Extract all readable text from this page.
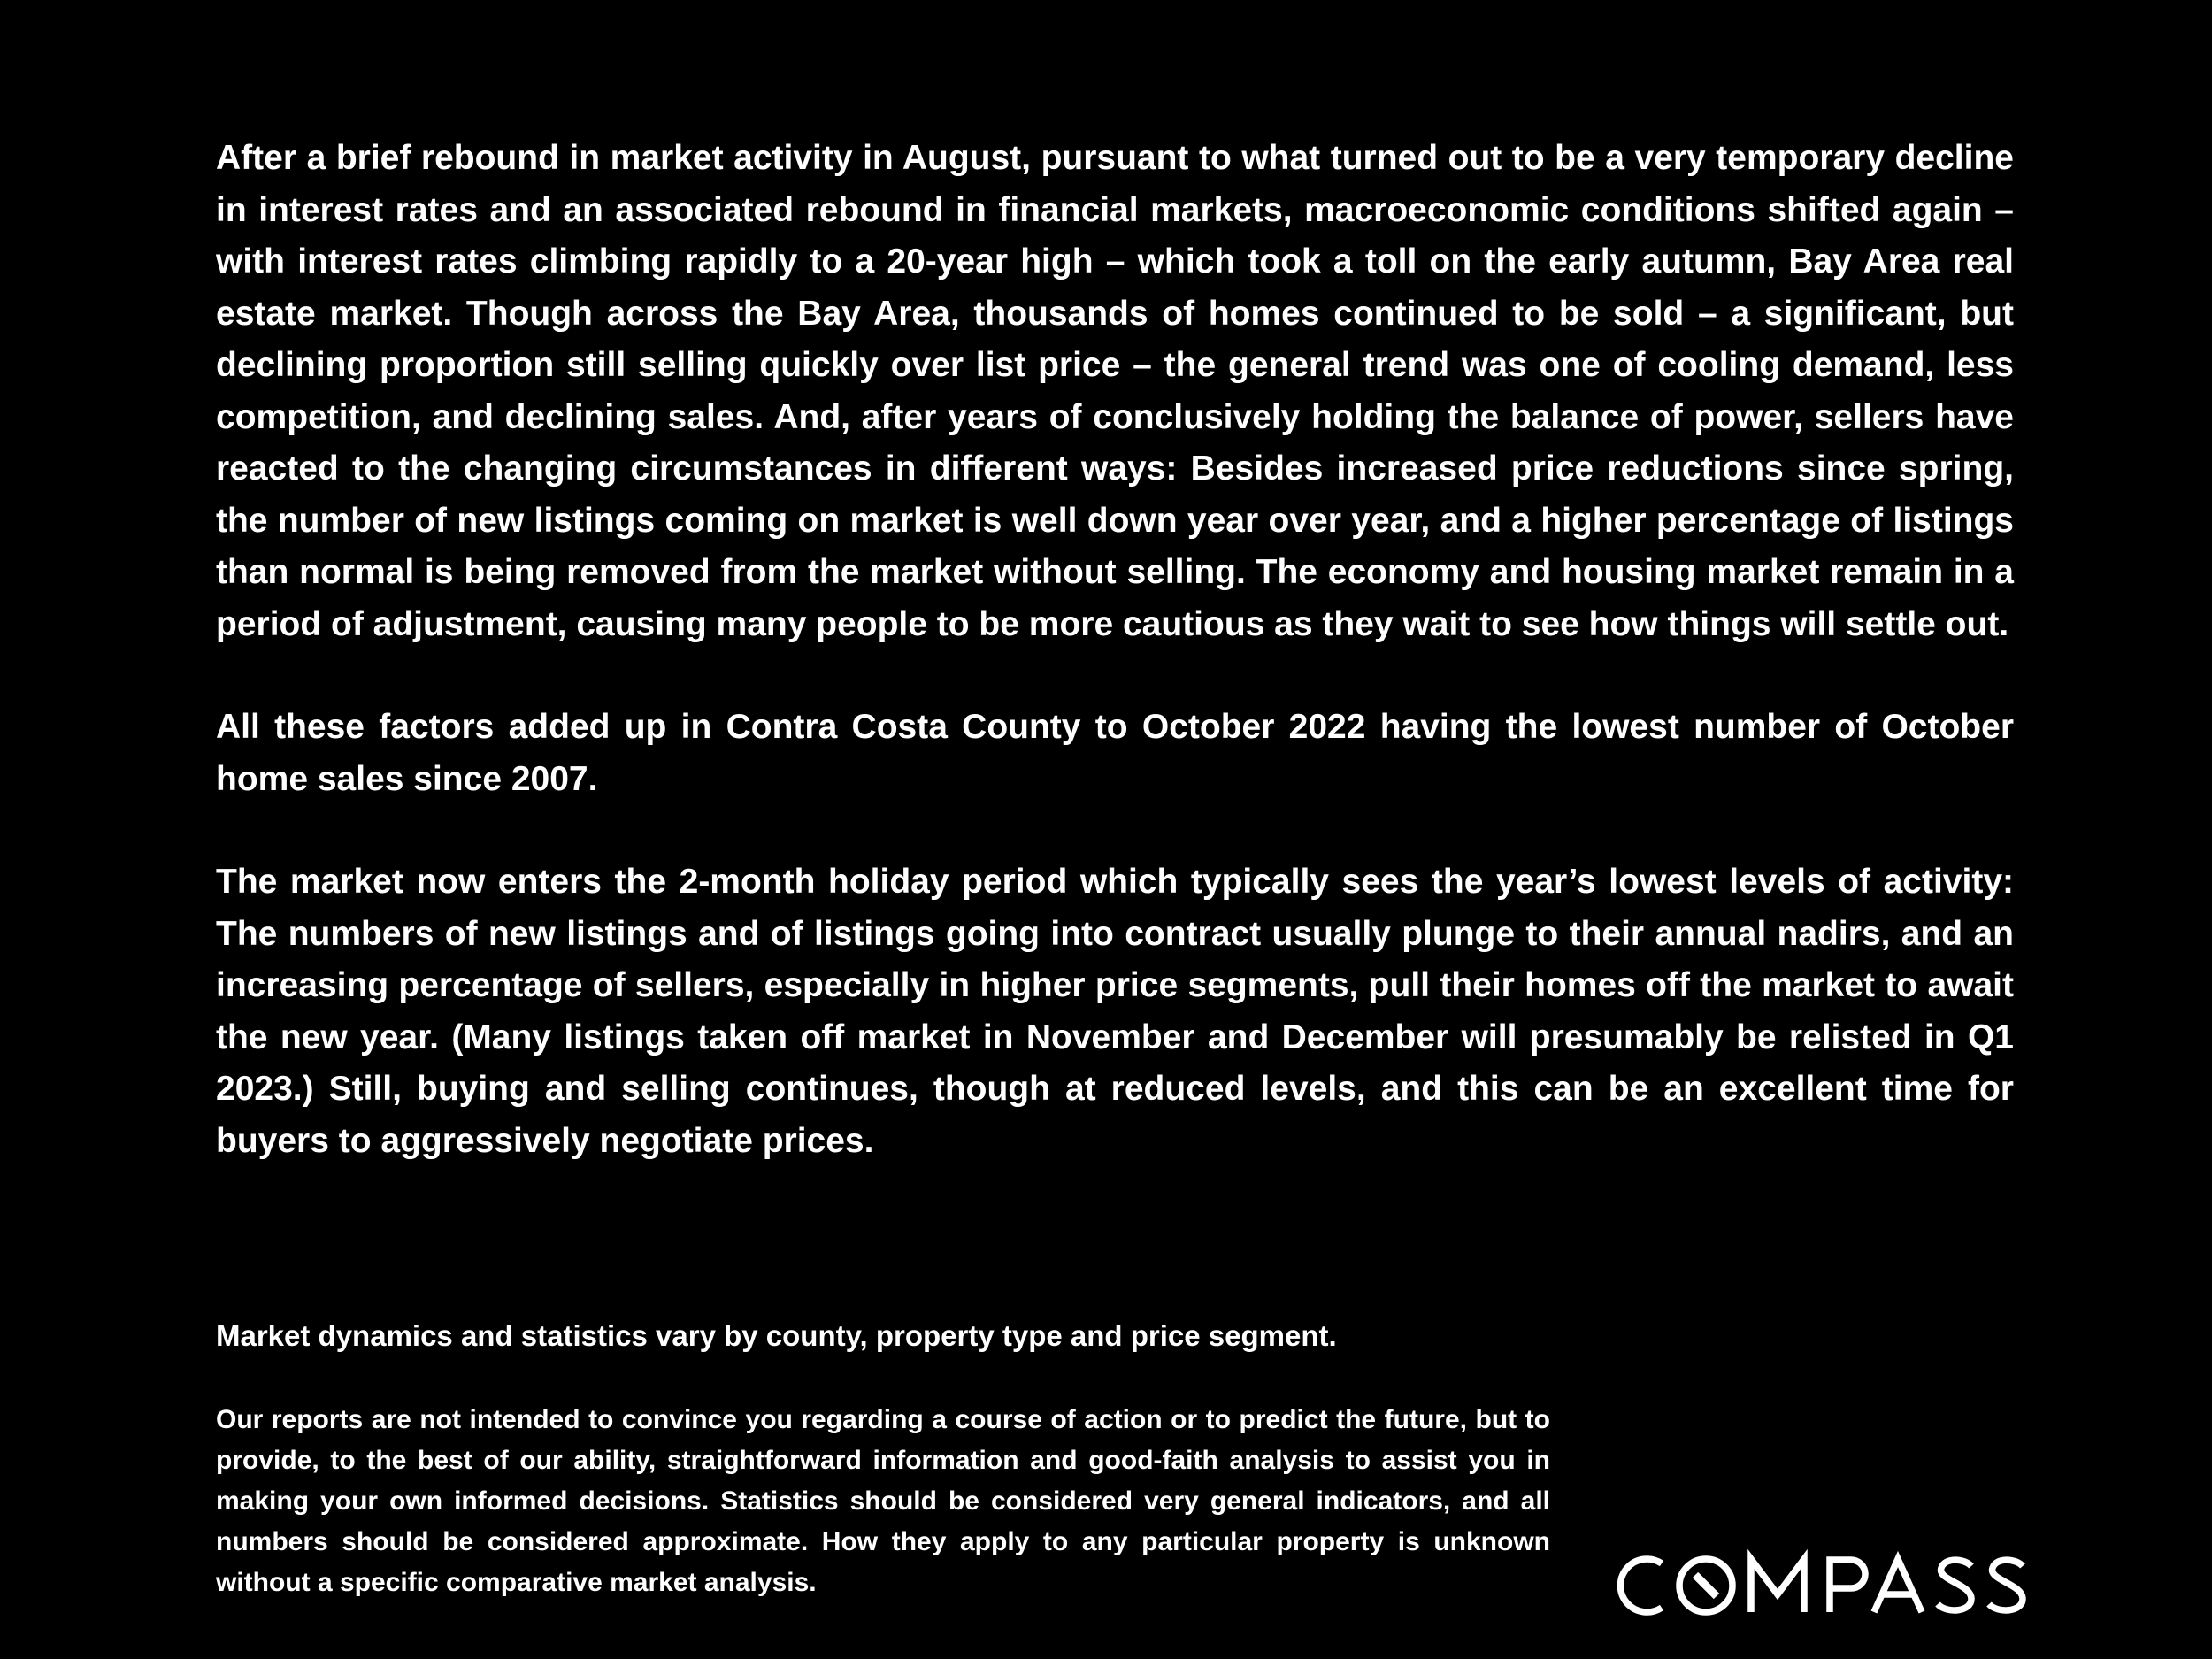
After a brief rebound in market activity in August, pursuant to what turned out to be a very temporary decline in interest rates and an associated rebound in financial markets, macroeconomic conditions shifted again – with interest rates climbing rapidly to a 20-year high – which took a toll on the early autumn, Bay Area real estate market. Though across the Bay Area, thousands of homes continued to be sold – a significant, but declining proportion still selling quickly over list price – the general trend was one of cooling demand, less competition, and declining sales. And, after years of conclusively holding the balance of power, sellers have reacted to the changing circumstances in different ways: Besides increased price reductions since spring, the number of new listings coming on market is well down year over year, and a higher percentage of listings than normal is being removed from the market without selling. The economy and housing market remain in a period of adjustment, causing many people to be more cautious as they wait to see how things will settle out.

All these factors added up in Contra Costa County to October 2022 having the lowest number of October home sales since 2007.

The market now enters the 2-month holiday period which typically sees the year’s lowest levels of activity: The numbers of new listings and of listings going into contract usually plunge to their annual nadirs, and an increasing percentage of sellers, especially in higher price segments, pull their homes off the market to await the new year. (Many listings taken off market in November and December will presumably be relisted in Q1 2023.) Still, buying and selling continues, though at reduced levels, and this can be an excellent time for buyers to aggressively negotiate prices.

Market dynamics and statistics vary by county, property type and price segment.

Our reports are not intended to convince you regarding a course of action or to predict the future, but to provide, to the best of our ability, straightforward information and good-faith analysis to assist you in making your own informed decisions. Statistics should be considered very general indicators, and all numbers should be considered approximate. How they apply to any particular property is unknown without a specific comparative market analysis.
